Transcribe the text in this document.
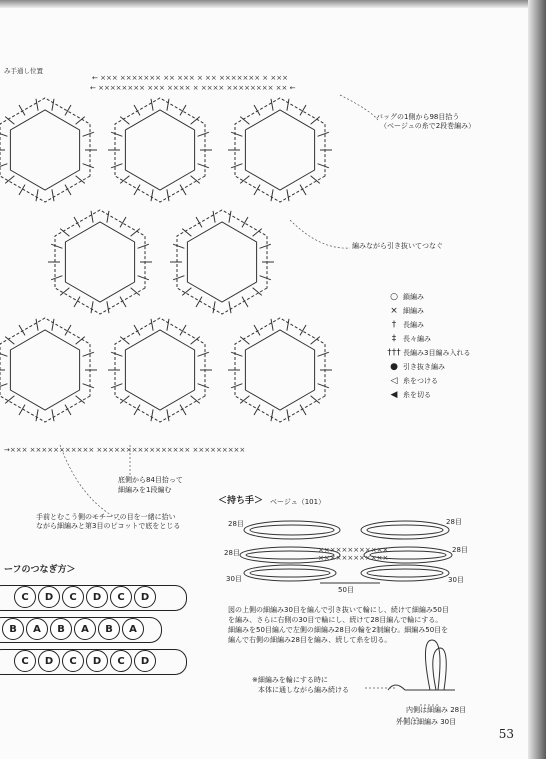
← ××× ××××××× ×× ××× × ×× ××××××× × ×××
← ×××××××× ××× ×××× × ×××× ×××××××× ×× ←
→××× ××××××××××× ×××××××××××××××× ×××××××××
××××××××××××
××××××××××××
み手通し位置
バッグの1側から98目拾う
（ベージュの糸で2段巻編み）
編みながら引き抜いてつなぐ
底側から84目拾って
細編みを1段編む
手前とむこう側のモチーフの目を一緒に拾い
ながら細編みと第3目のピコットで底をとじる
＜持ち手＞ ベージュ（101）
28目
28目
30目
28目
28目
30目
50目
図の上側の細編み30目を編んで引き抜いて輪にし、続けて細編み50目
を編み、さらに右側の30目で輪にし、続けて28目編んで輪にする。
細編みを50目編んで左側の細編み28目の輪を2制編む。細編み50目を
編んで右側の細編み28目を編み、続して糸を切る。
※細編みを輪にする時に
本体に通しながら編み続ける
内側は細編み 28目
外側は細編み 30目
○ 鎖編み
× 細編み
† 長編み
‡ 長々編み
††† 長編み3目編み入れる
● 引き抜き編み
◁ 糸をつける
◀ 糸を切る
ーフのつなぎ方＞
C	D	C	D	C	D
B	A	B	A	B	A
C	D	C	D	C	D
53
